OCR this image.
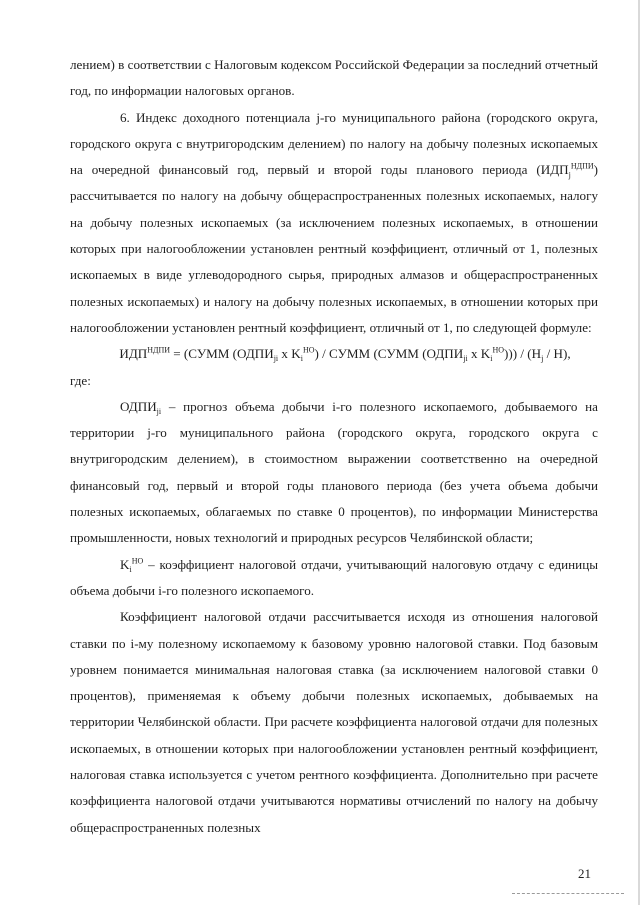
лением) в соответствии с Налоговым кодексом Российской Федерации за последний отчетный год, по информации налоговых органов.

6. Индекс доходного потенциала j-го муниципального района (городского округа, городского округа с внутригородским делением) по налогу на добычу полезных ископаемых на очередной финансовый год, первый и второй годы планового периода $(ИДП_j^{НДПИ})$ рассчитывается по налогу на добычу общераспространенных полезных ископаемых, налогу на добычу полезных ископаемых (за исключением полезных ископаемых, в отношении которых при налогообложении установлен рентный коэффициент, отличный от 1, полезных ископаемых в виде углеводородного сырья, природных алмазов и общераспространенных полезных ископаемых) и налогу на добычу полезных ископаемых, в отношении которых при налогообложении установлен рентный коэффициент, отличный от 1, по следующей формуле:

$ИДП^{НДПИ}$ = (СУММ ($ОДПИ_{ji}$ x $K_i^{НО}$) / СУММ (СУММ ($ОДПИ_{ji}$ x $K_i^{НО}))) / (H_j / H)$,

где:

$ОДПИ_{ji}$ – прогноз объема добычи i-го полезного ископаемого, добываемого на территории j-го муниципального района (городского округа, городского округа с внутригородским делением), в стоимостном выражении соответственно на очередной финансовый год, первый и второй годы планового периода (без учета объема добычи полезных ископаемых, облагаемых по ставке 0 процентов), по информации Министерства промышленности, новых технологий и природных ресурсов Челябинской области;

$K_i^{НО}$ – коэффициент налоговой отдачи, учитывающий налоговую отдачу с единицы объема добычи i-го полезного ископаемого.

Коэффициент налоговой отдачи рассчитывается исходя из отношения налоговой ставки по i-му полезному ископаемому к базовому уровню налоговой ставки. Под базовым уровнем понимается минимальная налоговая ставка (за исключением налоговой ставки 0 процентов), применяемая к объему добычи полезных ископаемых, добываемых на территории Челябинской области. При расчете коэффициента налоговой отдачи для полезных ископаемых, в отношении которых при налогообложении установлен рентный коэффициент, налоговая ставка используется с учетом рентного коэффициента. Дополнительно при расчете коэффициента налоговой отдачи учитываются нормативы отчислений по налогу на добычу общераспространенных полезных

21
